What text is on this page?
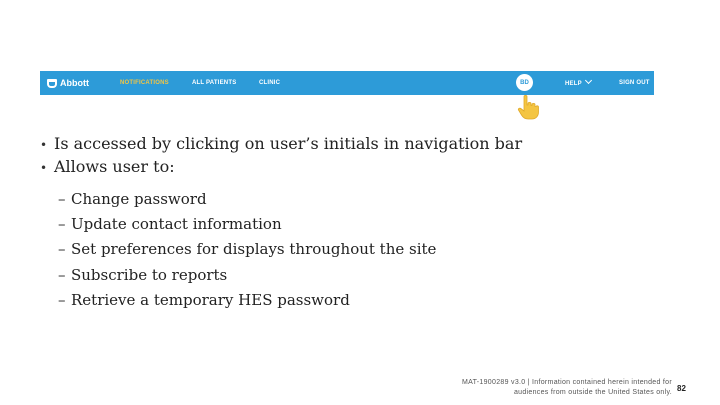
Abbott	NOTIFICATIONS	ALL PATIENTS	CLINIC	BD	HELP	SIGN OUT
• Is accessed by clicking on user’s initials in navigation bar
• Allows user to:
– Change password
– Update contact information
– Set preferences for displays throughout the site
– Subscribe to reports
– Retrieve a temporary HES password
MAT-1900289 v3.0 | Information contained herein intended for
audiences from outside the United States only. 82
